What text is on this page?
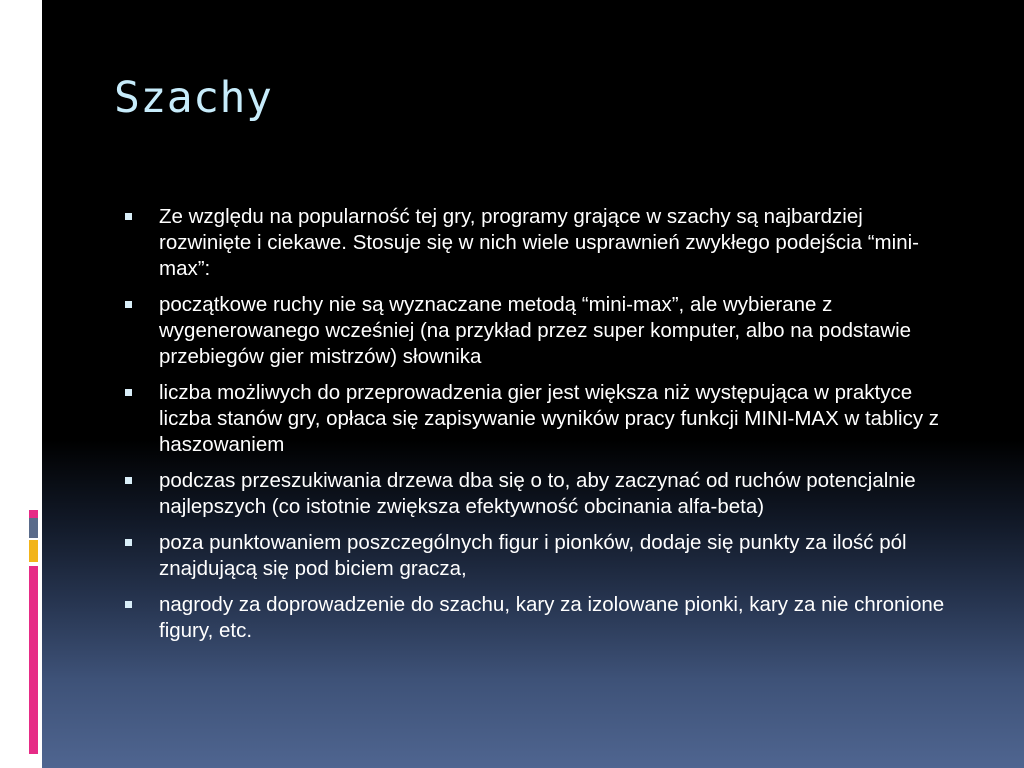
Szachy
Ze względu na popularność tej gry, programy grające w szachy są najbardziej rozwinięte i ciekawe. Stosuje się w nich wiele usprawnień zwykłego podejścia “mini-max”:
początkowe ruchy nie są wyznaczane metodą “mini-max”, ale wybierane z wygenerowanego wcześniej (na przykład przez super komputer, albo na podstawie przebiegów gier mistrzów) słownika
liczba możliwych do przeprowadzenia gier jest większa niż występująca w praktyce liczba stanów gry, opłaca się zapisywanie wyników pracy funkcji MINI-MAX w tablicy z haszowaniem
podczas przeszukiwania drzewa dba się o to, aby zaczynać od ruchów potencjalnie najlepszych (co istotnie zwiększa efektywność obcinania alfa-beta)
poza punktowaniem poszczególnych figur i pionków, dodaje się punkty za ilość pól znajdującą się pod biciem gracza,
nagrody za doprowadzenie do szachu, kary za izolowane pionki, kary za nie chronione figury, etc.
